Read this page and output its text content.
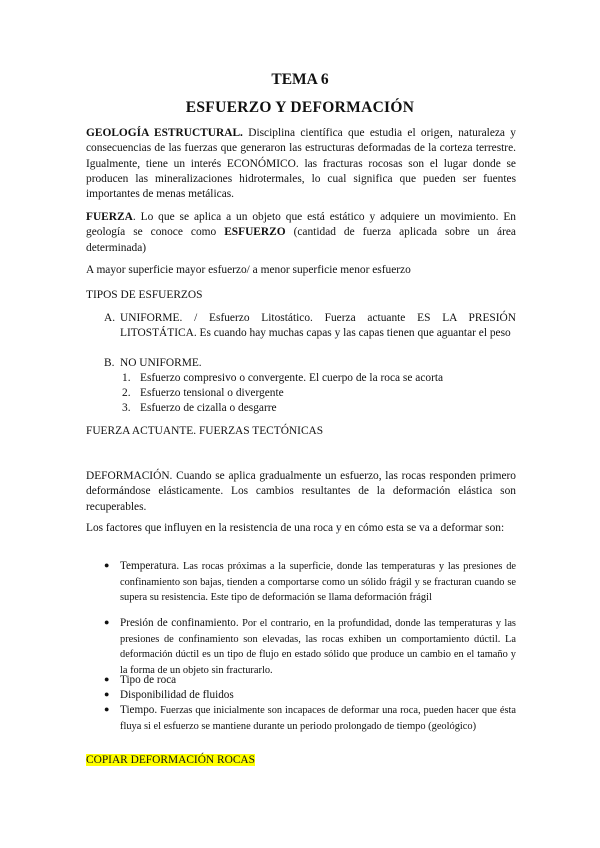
TEMA 6
ESFUERZO Y DEFORMACIÓN
GEOLOGÍA ESTRUCTURAL. Disciplina científica que estudia el origen, naturaleza y consecuencias de las fuerzas que generaron las estructuras deformadas de la corteza terrestre. Igualmente, tiene un interés ECONÓMICO. las fracturas rocosas son el lugar donde se producen las mineralizaciones hidrotermales, lo cual significa que pueden ser fuentes importantes de menas metálicas.
FUERZA. Lo que se aplica a un objeto que está estático y adquiere un movimiento. En geología se conoce como ESFUERZO (cantidad de fuerza aplicada sobre un área determinada)
A mayor superficie mayor esfuerzo/ a menor superficie menor esfuerzo
TIPOS DE ESFUERZOS
A. UNIFORME. / Esfuerzo Litostático. Fuerza actuante ES LA PRESIÓN LITOSTÁTICA. Es cuando hay muchas capas y las capas tienen que aguantar el peso
B. NO UNIFORME.
1. Esfuerzo compresivo o convergente. El cuerpo de la roca se acorta
2. Esfuerzo tensional o divergente
3. Esfuerzo de cizalla o desgarre
FUERZA ACTUANTE. FUERZAS TECTÓNICAS
DEFORMACIÓN. Cuando se aplica gradualmente un esfuerzo, las rocas responden primero deformándose elásticamente. Los cambios resultantes de la deformación elástica son recuperables.
Los factores que influyen en la resistencia de una roca y en cómo esta se va a deformar son:
● Temperatura. Las rocas próximas a la superficie, donde las temperaturas y las presiones de confinamiento son bajas, tienden a comportarse como un sólido frágil y se fracturan cuando se supera su resistencia. Este tipo de deformación se llama deformación frágil
● Presión de confinamiento. Por el contrario, en la profundidad, donde las temperaturas y las presiones de confinamiento son elevadas, las rocas exhiben un comportamiento dúctil. La deformación dúctil es un tipo de flujo en estado sólido que produce un cambio en el tamaño y la forma de un objeto sin fracturarlo.
● Tipo de roca
● Disponibilidad de fluidos
● Tiempo. Fuerzas que inicialmente son incapaces de deformar una roca, pueden hacer que ésta fluya si el esfuerzo se mantiene durante un periodo prolongado de tiempo (geológico)
COPIAR DEFORMACIÓN ROCAS
